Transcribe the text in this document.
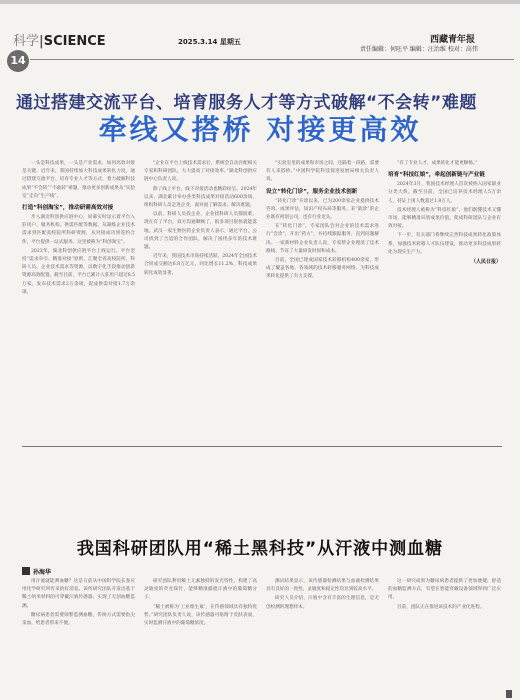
科学|SCIENCE
14
2025.3.14 星期五	西藏青年报
责任编辑：何旺平 编辑：汪治维 校对：高伟
通过搭建交流平台、培育服务人才等方式破解“不会转”难题
牵线又搭桥 对接更高效

一头是科技成果，一头是产业需求，如何高效对接是关键。近年来，我国持续加大科技成果转化力度，通过搭建交流平台、培育专业人才等方式，着力破解科技成果“不会转”“不敢转”难题，推动更多创新成果从“实验室”走向“生产线”。

打造“科创淘宝”，推动研需高效对接

步入湖北科创供应链中心，屏幕实时显示着平台入驻用户、服务机构、供需匹配等数据。从凝练企业技术需求到匹配高校院所科研资源，从对接成功到签约合作，平台提供一站式服务。这里被称为“科创淘宝”。

2023年，湖北科创供应链平台上线运行。平台坚持“需求牵引、精准对接”原则，汇聚全省高校院所、科研人员、企业技术需求等资源，以数字化手段推动创新资源高效配置。截至目前，平台已累计入驻用户超过8.5万家，发布技术需求2万余项，促成供需对接1.7万余项。

“企业在平台上线技术需求后，系统会自动匹配相关专家和科研团队，大大提高了对接效率。”湖北科创供应链中心负责人说。

除了线上平台，线下对接活动也精彩纷呈。2024年以来，湖北累计举办各类科技成果对接活动600余场，组织科研人员走进企业，面对面了解需求、解决难题。

以前，科研人员找企业、企业找科研人员都很难。现在有了平台，双方沟通顺畅了，很多项目很快就能落地。武汉一家生物医药企业负责人表示，通过平台，公司找到了合适的合作团队，解决了困扰多年的技术难题。

近年来，我国技术市场持续活跃，2024年全国技术合同成交额达6.8万亿元，同比增长11.2%，科技成果转化成效显著。

“实验室里的成果和市场之间，还隔着一段路，需要有人来搭桥。”中国科学院科技促进发展局相关负责人说。

设立“转化门诊”，服务企业技术创新

“转化门诊”开诊以来，已为200余家企业提供技术咨询、成果评估、知识产权布局等服务。来“就诊”的企业既有初创公司，也有行业龙头。

在“转化门诊”，专家团队会对企业的技术需求进行“会诊”，开出“药方”，并持续跟踪服务，直到问题解决。一家新材料企业负责人说，专家帮企业理清了技术路线，节省了大量研发时间和成本。

目前，全国已建成国家技术转移机构400余家，形成了覆盖各地、各领域的技术转移服务网络，为科技成果转化提供了有力支撑。

“有了专业人才，成果转化才能更顺畅。”

培育“科技红娘”，牵起创新链与产业链

2024年3月，我国技术经理人首次被纳入国家职业分类大典。截至目前，全国已培养技术经理人5万余人，持证上岗人数超过1.8万人。

技术经理人被称为“科技红娘”，他们既懂技术又懂市场，能够精准识别成果价值，促成科研团队与企业有效对接。

下一步，有关部门将继续完善科技成果转化政策体系，加强技术转移人才队伍建设，推动更多科技成果转化为现实生产力。

（人民日报）

我国科研团队用“稀土黑科技”从汗液中测血糖
孙海华

用汗液就能测血糖？这是日前从中国科学院长春应用化学研究所传来的好消息。该所研究团队开发出基于稀土纳米材料的可穿戴汗液传感器，实现了无创血糖监测。

糖尿病患者需要频繁监测血糖，传统方式需要指尖采血，给患者带来不便。

研究团队利用稀土元素独特的发光特性，构建了高灵敏度的荧光探针，能够精准捕捉汗液中的葡萄糖分子。

“稀土被称为‘工业维生素’，在传感领域具有独特优势。”研究团队负责人说，该传感器可贴附于皮肤表面，实时监测汗液中的葡萄糖浓度。

测试结果显示，该传感器检测结果与血液检测结果具有良好的一致性，灵敏度和稳定性均达到较高水平。

研究人员介绍，汗液中含有丰富的生理信息，是无创检测的理想样本。

这一研究成果为糖尿病患者提供了更加便捷、舒适的血糖监测方式，有望在智能穿戴设备领域得到广泛应用。

目前，团队正在推进该技术的产业化进程。
